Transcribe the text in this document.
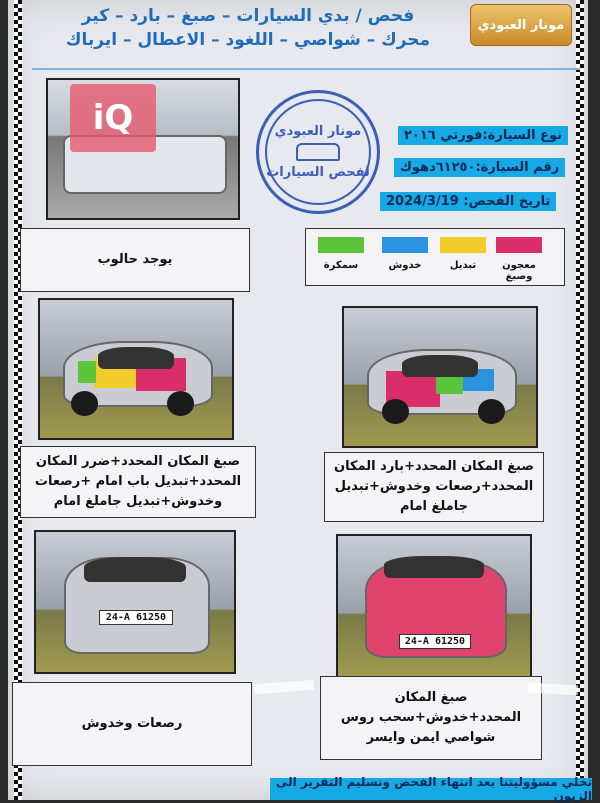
فحص / بدي السيارات – صبغ – بارد – كير
محرك – شواصي – اللغود – الاعطال – ايرباك
مونار العبودي
iQ	مونار العبودي
لفحص السيارات
نوع السيارة:فورتي ٢٠١٦
رقم السيارة:٦١٢٥٠دهوك
تاريخ الفحص: 2024/3/19
يوجد حالوب	معجون وصبغ
تبديل
خدوش
سمكرة
صبغ المكان المحدد+ضرر المكان المحدد+تبديل باب امام +رصعات وخدوش+تبديل جاملغ امام
صبغ المكان المحدد+بارد المكان المحدد+رصعات وخدوش+تبديل جاملغ امام
24-A 61250
24-A 61250
رصعات وخدوش
صبغ المكان المحدد+خدوش+سحب روس شواصي ايمن وايسر
تخلي مسؤوليتنا بعد انتهاء الفحص وتسليم التقرير الى الزبون
